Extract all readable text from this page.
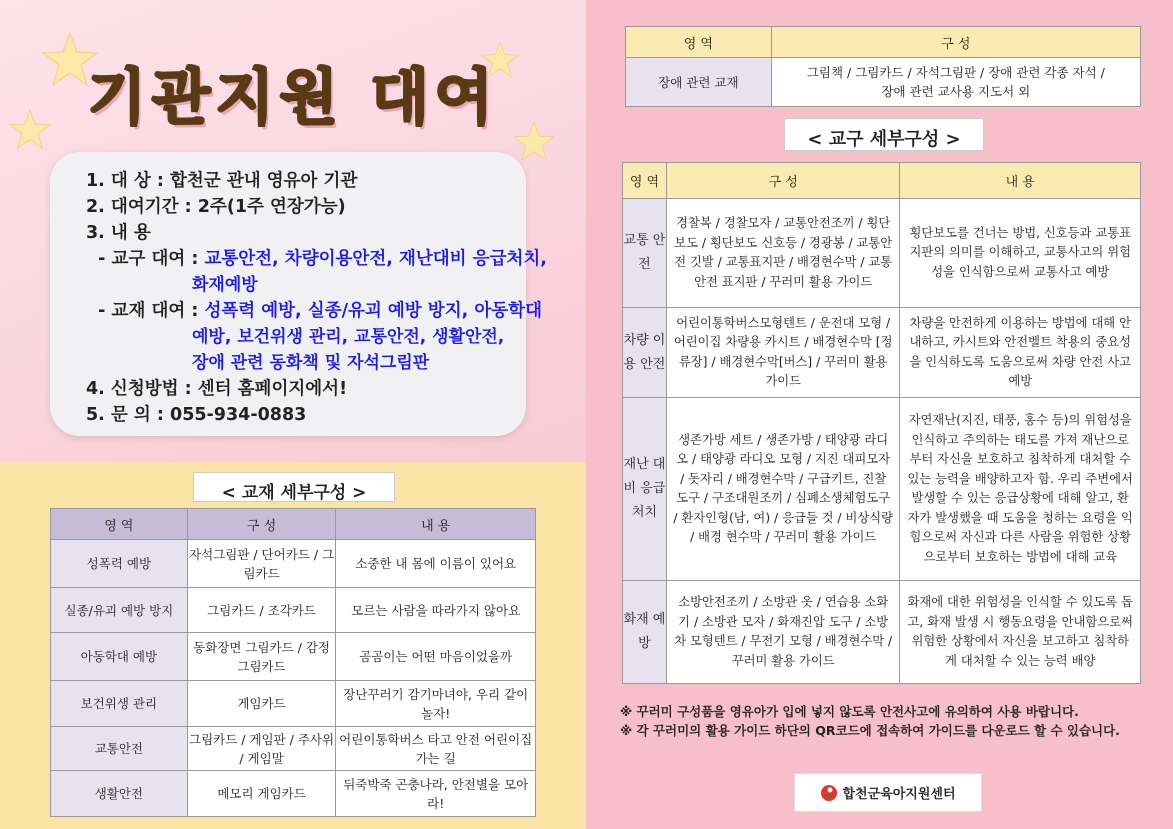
기관지원 대여
1. 대 상 : 합천군 관내 영유아 기관
2. 대여기간 : 2주(1주 연장가능)
3. 내 용
- 교구 대여 : 교통안전, 차량이용안전, 재난대비 응급처치,
화재예방
- 교재 대여 : 성폭력 예방, 실종/유괴 예방 방지, 아동학대
예방, 보건위생 관리, 교통안전, 생활안전,
장애 관련 동화책 및 자석그림판
4. 신청방법 : 센터 홈페이지에서!
5. 문 의 : 055-934-0883
< 교재 세부구성 >
영 역	구 성	내 용
성폭력 예방	자석그림판 / 단어카드 / 그림카드	소중한 내 몸에 이름이 있어요
실종/유괴 예방 방지	그림카드 / 조각카드	모르는 사람을 따라가지 않아요
아동학대 예방	동화장면 그림카드 / 감정 그림카드	곰곰이는 어떤 마음이었을까
보건위생 관리	게임카드	장난꾸러기 감기마녀야, 우리 같이 놀자!
교통안전	그림카드 / 게임판 / 주사위 / 게임말	어린이통학버스 타고 안전 어린이집 가는 길
생활안전	메모리 게임카드	뒤죽박죽 곤충나라, 안전별을 모아라!
영 역	구 성
장애 관련 교재	그림책 / 그림카드 / 자석그림판 / 장애 관련 각종 자석 /
장애 관련 교사용 지도서 외
< 교구 세부구성 >
영 역	구 성	내 용
교통 안전	경찰복 / 경찰모자 / 교통안전조끼 / 횡단보도 / 횡단보도 신호등 / 경광봉 / 교통안전 깃발 / 교통표지판 / 배경현수막 / 교통안전 표지판 / 꾸러미 활용 가이드	횡단보도를 건너는 방법, 신호등과 교통표지판의 의미를 이해하고, 교통사고의 위험성을 인식함으로써 교통사고 예방
차량 이용 안전	어린이통학버스모형텐트 / 운전대 모형 / 어린이집 차량용 카시트 / 배경현수막 [정류장] / 배경현수막[버스] / 꾸러미 활용 가이드	차량을 안전하게 이용하는 방법에 대해 안내하고, 카시트와 안전벨트 착용의 중요성을 인식하도록 도움으로써 차량 안전 사고 예방
재난 대비 응급 처치	생존가방 세트 / 생존가방 / 태양광 라디오 / 태양광 라디오 모형 / 지진 대피모자 / 돗자리 / 배경현수막 / 구급키트, 진찰 도구 / 구조대원조끼 / 심폐소생체험도구 / 환자인형(남, 여) / 응급들 것 / 비상식량 / 배경 현수막 / 꾸러미 활용 가이드	자연재난(지진, 태풍, 홍수 등)의 위험성을 인식하고 주의하는 태도를 가져 재난으로부터 자신을 보호하고 침착하게 대처할 수 있는 능력을 배양하고자 함. 우리 주변에서 발생할 수 있는 응급상황에 대해 알고, 환자가 발생했을 때 도움을 청하는 요령을 익힘으로써 자신과 다른 사람을 위험한 상황으로부터 보호하는 방법에 대해 교육
화재 예방	소방안전조끼 / 소방관 옷 / 연습용 소화기 / 소방관 모자 / 화재진압 도구 / 소방차 모형텐트 / 무전기 모형 / 배경현수막 / 꾸러미 활용 가이드	화재에 대한 위험성을 인식할 수 있도록 돕고, 화재 발생 시 행동요령을 안내함으로써 위험한 상황에서 자신을 보고하고 침착하게 대처할 수 있는 능력 배양
※ 꾸러미 구성품을 영유아가 입에 넣지 않도록 안전사고에 유의하여 사용 바랍니다.
※ 각 꾸러미의 활용 가이드 하단의 QR코드에 접속하여 가이드를 다운로드 할 수 있습니다.
합천군육아지원센터
